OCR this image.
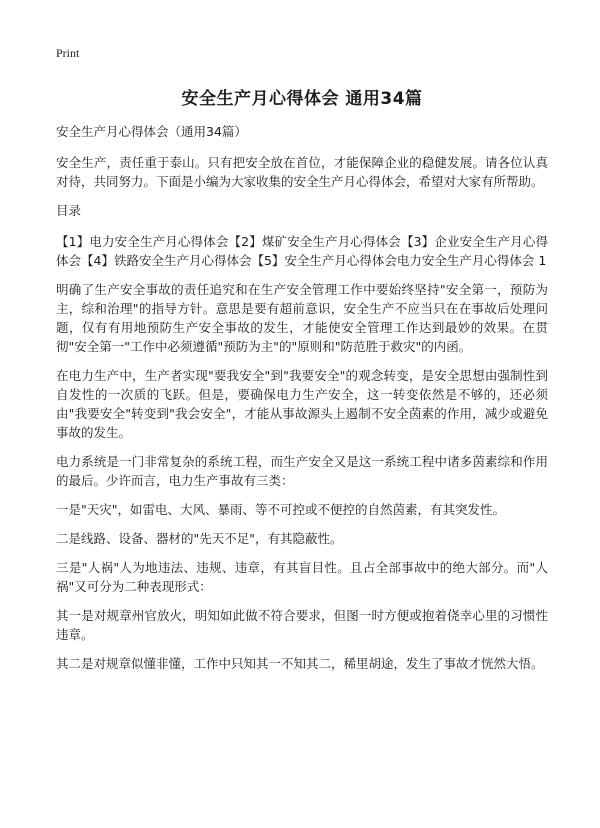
Print
安全生产月心得体会 通用34篇

安全生产月心得体会（通用34篇）

安全生产，责任重于泰山。只有把安全放在首位，才能保障企业的稳健发展。请各位认真对待，共同努力。下面是小编为大家收集的安全生产月心得体会，希望对大家有所帮助。

目录

【1】电力安全生产月心得体会【2】煤矿安全生产月心得体会【3】企业安全生产月心得体会【4】铁路安全生产月心得体会【5】安全生产月心得体会电力安全生产月心得体会 1

明确了生产安全事故的责任追究和在生产安全管理工作中要始终坚持"安全第一，预防为主，综和治理"的指导方针。意思是要有超前意识，安全生产不应当只在在事故后处理问题，仅有有用地预防生产安全事故的发生，才能使安全管理工作达到最妙的效果。在贯彻"安全第一"工作中必须遵循"预防为主"的"原则和"防范胜于救灾"的内函。

在电力生产中，生产者实现"要我安全"到"我要安全"的观念转变，是安全思想由强制性到自发性的一次质的飞跃。但是，要确保电力生产安全，这一转变依然是不够的，还必须由"我要安全"转变到"我会安全"，才能从事故源头上遏制不安全茵素的作用，减少或避免事故的发生。

电力系统是一门非常复杂的系统工程，而生产安全又是这一系统工程中诸多茵素综和作用的最后。少许而言，电力生产事故有三类：

一是"天灾"，如雷电、大风、暴雨、等不可控或不便控的自然茵素，有其突发性。

二是线路、设备、器材的"先天不足"，有其隐蔽性。

三是"人祸"人为地违法、违规、违章，有其盲目性。且占全部事故中的绝大部分。而"人祸"又可分为二种表现形式：

其一是对规章州官放火，明知如此做不符合要求，但图一时方便或抱着侥幸心里的习惯性违章。

其二是对规章似懂非懂，工作中只知其一不知其二，稀里胡途，发生了事故才恍然大悟。
